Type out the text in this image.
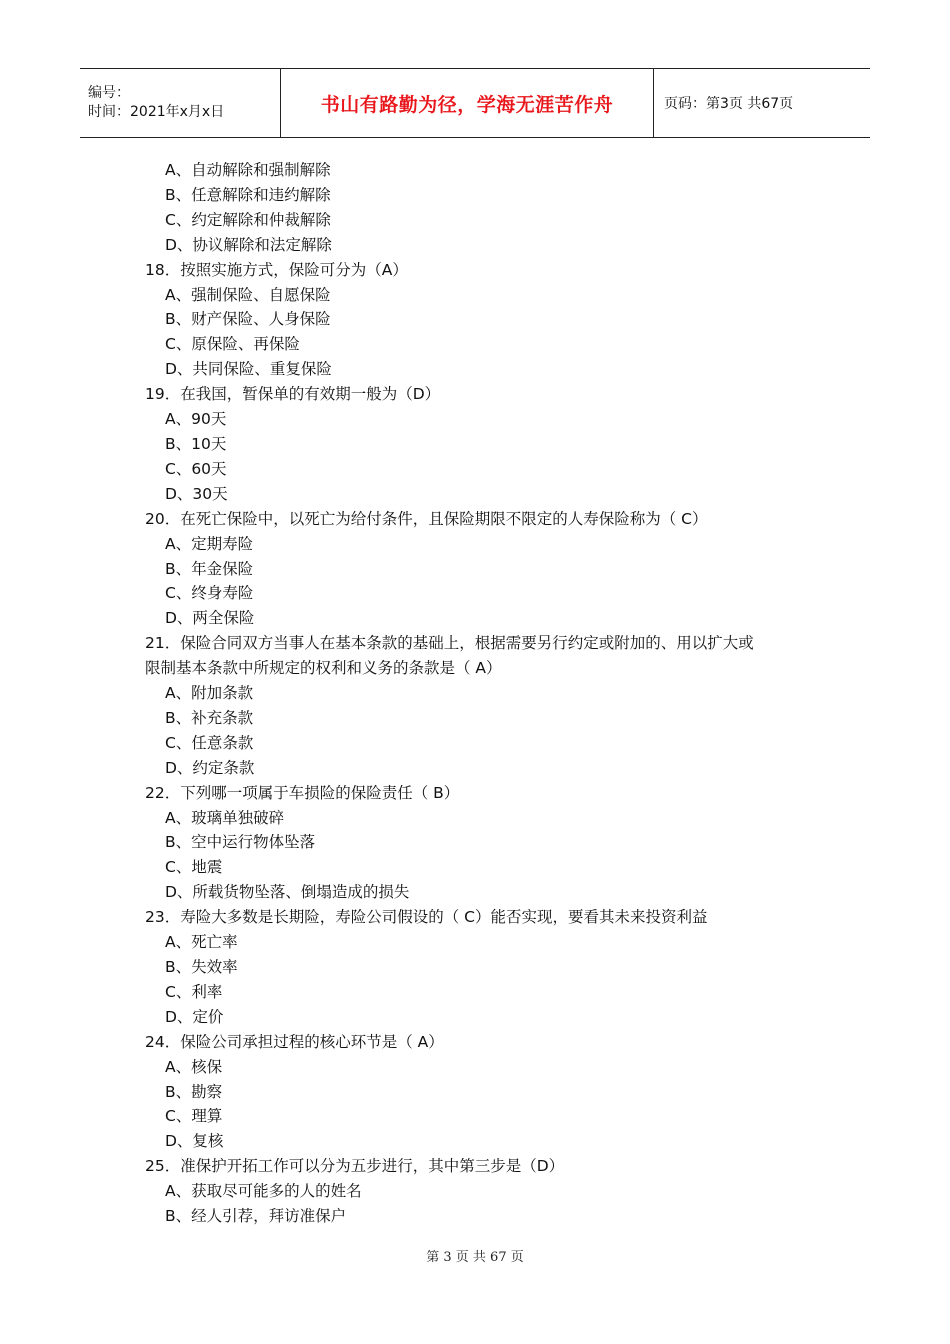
编号：
时间：2021年x月x日	书山有路勤为径，学海无涯苦作舟	页码：第3页 共67页
A、自动解除和强制解除
B、任意解除和违约解除
C、约定解除和仲裁解除
D、协议解除和法定解除
18．按照实施方式，保险可分为（A）
A、强制保险、自愿保险
B、财产保险、人身保险
C、原保险、再保险
D、共同保险、重复保险
19．在我国，暂保单的有效期一般为（D）
A、90天
B、10天
C、60天
D、30天
20．在死亡保险中，以死亡为给付条件，且保险期限不限定的人寿保险称为（ C）
A、定期寿险
B、年金保险
C、终身寿险
D、两全保险
21．保险合同双方当事人在基本条款的基础上，根据需要另行约定或附加的、用以扩大或
限制基本条款中所规定的权利和义务的条款是（ A）
A、附加条款
B、补充条款
C、任意条款
D、约定条款
22．下列哪一项属于车损险的保险责任（ B）
A、玻璃单独破碎
B、空中运行物体坠落
C、地震
D、所载货物坠落、倒塌造成的损失
23．寿险大多数是长期险，寿险公司假设的（ C）能否实现，要看其未来投资利益
A、死亡率
B、失效率
C、利率
D、定价
24．保险公司承担过程的核心环节是（ A）
A、核保
B、勘察
C、理算
D、复核
25．准保护开拓工作可以分为五步进行，其中第三步是（D）
A、获取尽可能多的人的姓名
B、经人引荐，拜访准保户
第 3 页 共 67 页
